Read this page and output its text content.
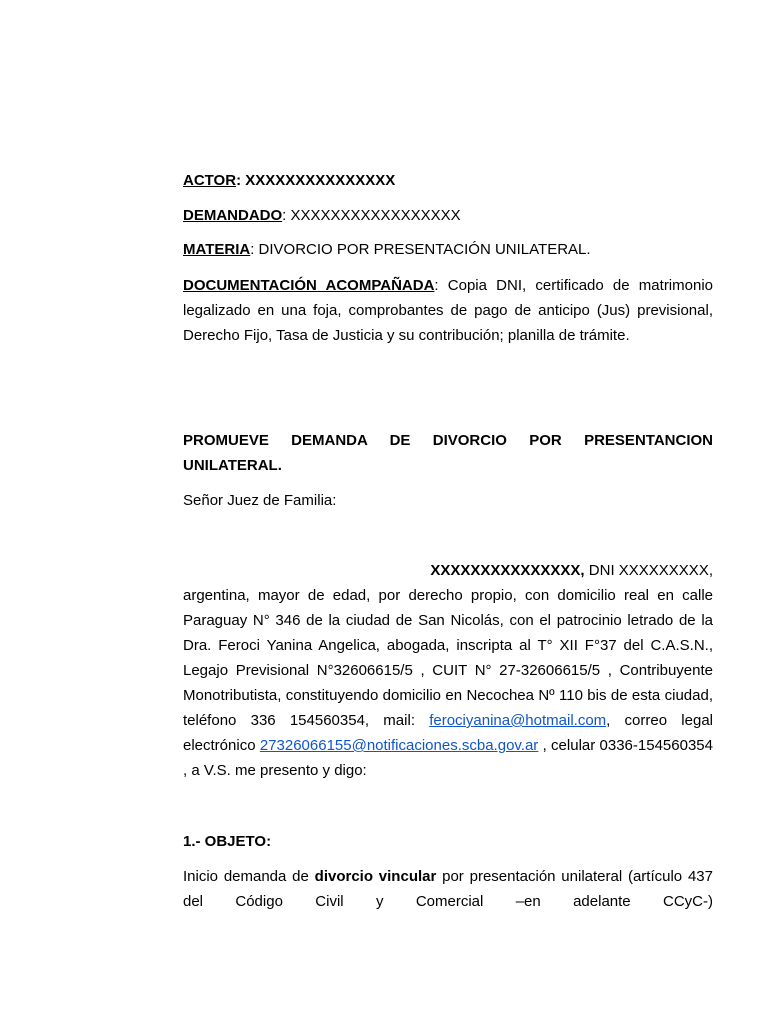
ACTOR: XXXXXXXXXXXXXXX

DEMANDADO: XXXXXXXXXXXXXXXXX

MATERIA: DIVORCIO POR PRESENTACIÓN UNILATERAL.

DOCUMENTACIÓN ACOMPAÑADA: Copia DNI, certificado de matrimonio legalizado en una foja, comprobantes de pago de anticipo (Jus) previsional, Derecho Fijo, Tasa de Justicia y su contribución; planilla de trámite.

PROMUEVE DEMANDA DE DIVORCIO POR PRESENTANCION
UNILATERAL.

Señor Juez de Familia:

XXXXXXXXXXXXXXX, DNI XXXXXXXXX,

argentina, mayor de edad, por derecho propio, con domicilio real en calle Paraguay N° 346 de la ciudad de San Nicolás, con el patrocinio letrado de la Dra. Feroci Yanina Angelica, abogada, inscripta al T° XII F°37 del C.A.S.N., Legajo Previsional N°32606615/5 , CUIT N° 27-32606615/5 , Contribuyente Monotributista, constituyendo domicilio en Necochea Nº 110 bis de esta ciudad, teléfono 336 154560354, mail: ferociyanina@hotmail.com, correo legal electrónico 27326066155@notificaciones.scba.gov.ar , celular 0336-154560354 , a V.S. me presento y digo:

1.- OBJETO:

Inicio demanda de divorcio vincular por presentación unilateral (artículo 437 del Código Civil y Comercial –en adelante CCyC-)
